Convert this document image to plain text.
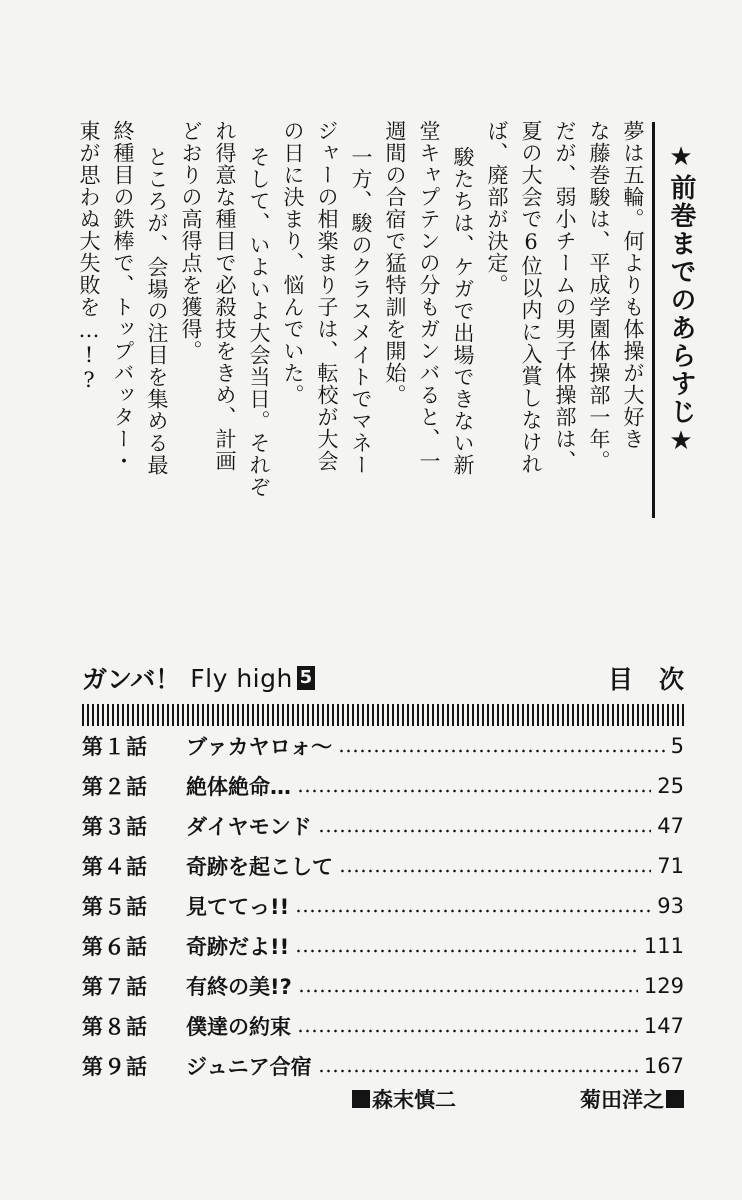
★前巻までのあらすじ★
夢は五輪。何よりも体操が大好き
な藤巻駿は、平成学園体操部一年。
だが、弱小チームの男子体操部は、
夏の大会で6位以内に入賞しなけれ
ば、廃部が決定。
駿たちは、ケガで出場できない新
堂キャプテンの分もガンバると、一
週間の合宿で猛特訓を開始。
一方、駿のクラスメイトでマネー
ジャーの相楽まり子は、転校が大会
の日に決まり、悩んでいた。
そして、いよいよ大会当日。それぞ
れ得意な種目で必殺技をきめ、計画
どおりの高得点を獲得。
ところが、会場の注目を集める最
終種目の鉄棒で、トップバッター・
東が思わぬ大失敗を…!?
ガンバ！ Fly high 5	目次
第１話	ブァカヤロォ〜	5
第２話	絶体絶命…	25
第３話	ダイヤモンド	47
第４話	奇跡を起こして	71
第５話	見ててっ!!	93
第６話	奇跡だよ!!	111
第７話	有終の美!?	129
第８話	僕達の約束	147
第９話	ジュニア合宿	167
森末慎二	菊田洋之
